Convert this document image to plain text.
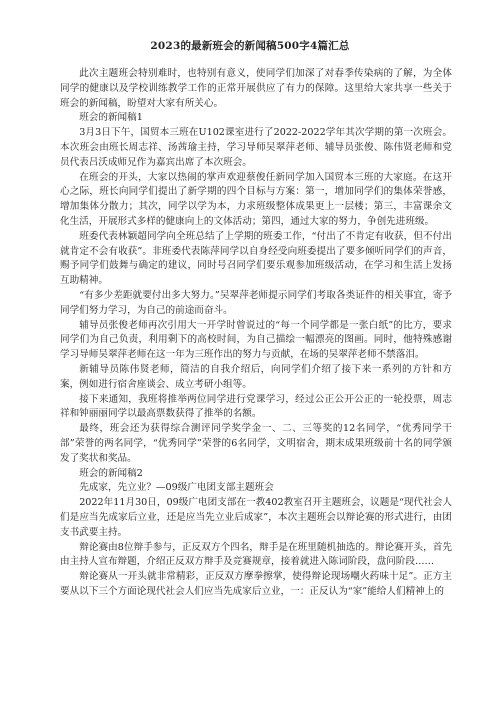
2023的最新班会的新闻稿500字4篇汇总

此次主题班会特别难时，也特别有意义，使同学们加深了对春季传染病的了解，为全体同学的健康以及学校训练教学工作的正常开展供应了有力的保障。这里给大家共享一些关于班会的新闻稿，盼望对大家有所关心。

班会的新闻稿1

3月3日下午，国贸本三班在U102课室进行了2022-2022学年其次学期的第一次班会。本次班会由班长周志祥、汤茜瑜主持，学习导师吴翠萍老师、辅导员张俊、陈伟贤老师和党员代表吕沃成师兄作为嘉宾出席了本次班会。

在班会的开头，大家以热闹的掌声欢迎蔡俊任新同学加入国贸本三班的大家庭。在这开心之际，班长向同学们提出了新学期的四个目标与方案：第一，增加同学们的集体荣誉感，增加集体分散力；其次，同学以学为本，力求班级整体成果更上一层楼；第三，丰富课余文化生活，开展形式多样的健康向上的文体活动；第四，通过大家的努力，争创先进班级。

班委代表林颖超同学向全班总结了上学期的班委工作，“付出了不肯定有收获，但不付出就肯定不会有收获”。非班委代表陈萍同学以自身经受向班委提出了要多倾听同学们的声音，赐予同学们鼓舞与确定的建议，同时号召同学们要乐观参加班级活动，在学习和生活上发扬互助精神。

“有多少差距就要付出多大努力。”吴翠萍老师提示同学们考取各类证件的相关事宜，寄予同学们努力学习，为自己的前途而奋斗。

辅导员张俊老师再次引用大一开学时曾说过的“每一个同学都是一张白纸”的比方，要求同学们为自己负责，利用剩下的高校时间，为自己描绘一幅漂亮的图画。同时，他特殊感谢学习导师吴翠萍老师在这一年为三班作出的努力与贡献，在场的吴翠萍老师不禁落泪。

新辅导员陈伟贤老师，简洁的自我介绍后，向同学们介绍了接下来一系列的方针和方案，例如进行宿舍座谈会、成立考研小组等。

接下来通知，我班将推举两位同学进行党课学习，经过公正公开公正的一轮投票，周志祥和钟丽丽同学以最高票数获得了推举的名额。

最终，班会还为获得综合测评同学奖学金一、二、三等奖的12名同学，“优秀同学干部”荣誉的两名同学，“优秀同学”荣誉的6名同学，文明宿舍，期末成果班级前十名的同学颁发了奖状和奖品。

班会的新闻稿2

先成家，先立业？—09级广电团支部主题班会

2022年11月30日，09级广电团支部在一教402教室召开主题班会，议题是“现代社会人们是应当先成家后立业，还是应当先立业后成家”，本次主题班会以辩论赛的形式进行，由团支书武要主持。

辩论赛由8位辩手参与，正反双方个四名，辩手是在班里随机抽选的。辩论赛开头，首先由主持人宣布辩题，介绍正反双方辩手及竞赛规章，接着就进入陈词阶段，盘问阶段……

辩论赛从一开头就非常精彩，正反双方摩拳擦掌，使得辩论现场嘲火药味十足”。正方主要从以下三个方面论现代社会人们应当先成家后立业，一：正反认为“家”能给人们精神上的
